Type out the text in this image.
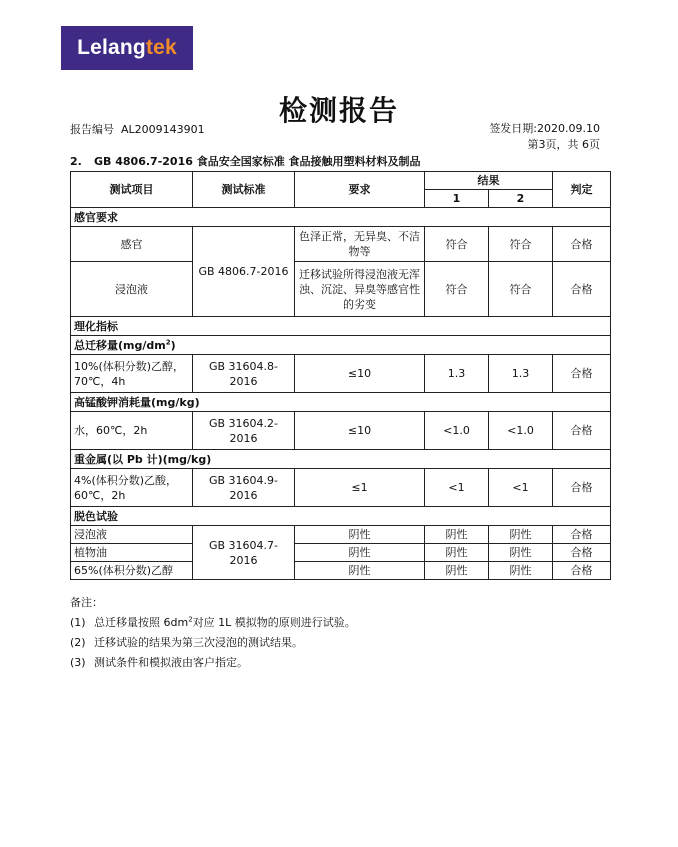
Lelang tek
检测报告
报告编号 AL2009143901	签发日期:2020.09.10
第3页，共 6页
2. GB 4806.7-2016 食品安全国家标准 食品接触用塑料材料及制品
测试项目	测试标准	要求	结果		判定
			1	2	
感官要求					
感官	GB 4806.7-2016	色泽正常，无异臭、不洁物等	符合	符合	合格
浸泡液		迁移试验所得浸泡液无浑浊、沉淀、异臭等感官性的劣变	符合	符合	合格
理化指标					
总迁移量$(mg/dm^2)$					
10%(体积分数)乙醇，70℃，4h	GB 31604.8-2016	≤10	1.3	1.3	合格
高锰酸钾消耗量(mg/kg)					
水，60℃，2h	GB 31604.2-2016	≤10	<1.0	<1.0	合格
重金属(以 Pb 计)(mg/kg)					
4%(体积分数)乙酸，60℃，2h	GB 31604.9-2016	≤1	<1	<1	合格
脱色试验					
浸泡液	GB 31604.7-2016	阴性	阴性	阴性	合格
植物油		阴性	阴性	阴性	合格
65%(体积分数)乙醇		阴性	阴性	阴性	合格
备注：
(1) 总迁移量按照 $6dm^2$对应 1L 模拟物的原则进行试验。
(2) 迁移试验的结果为第三次浸泡的测试结果。
(3) 测试条件和模拟液由客户指定。
